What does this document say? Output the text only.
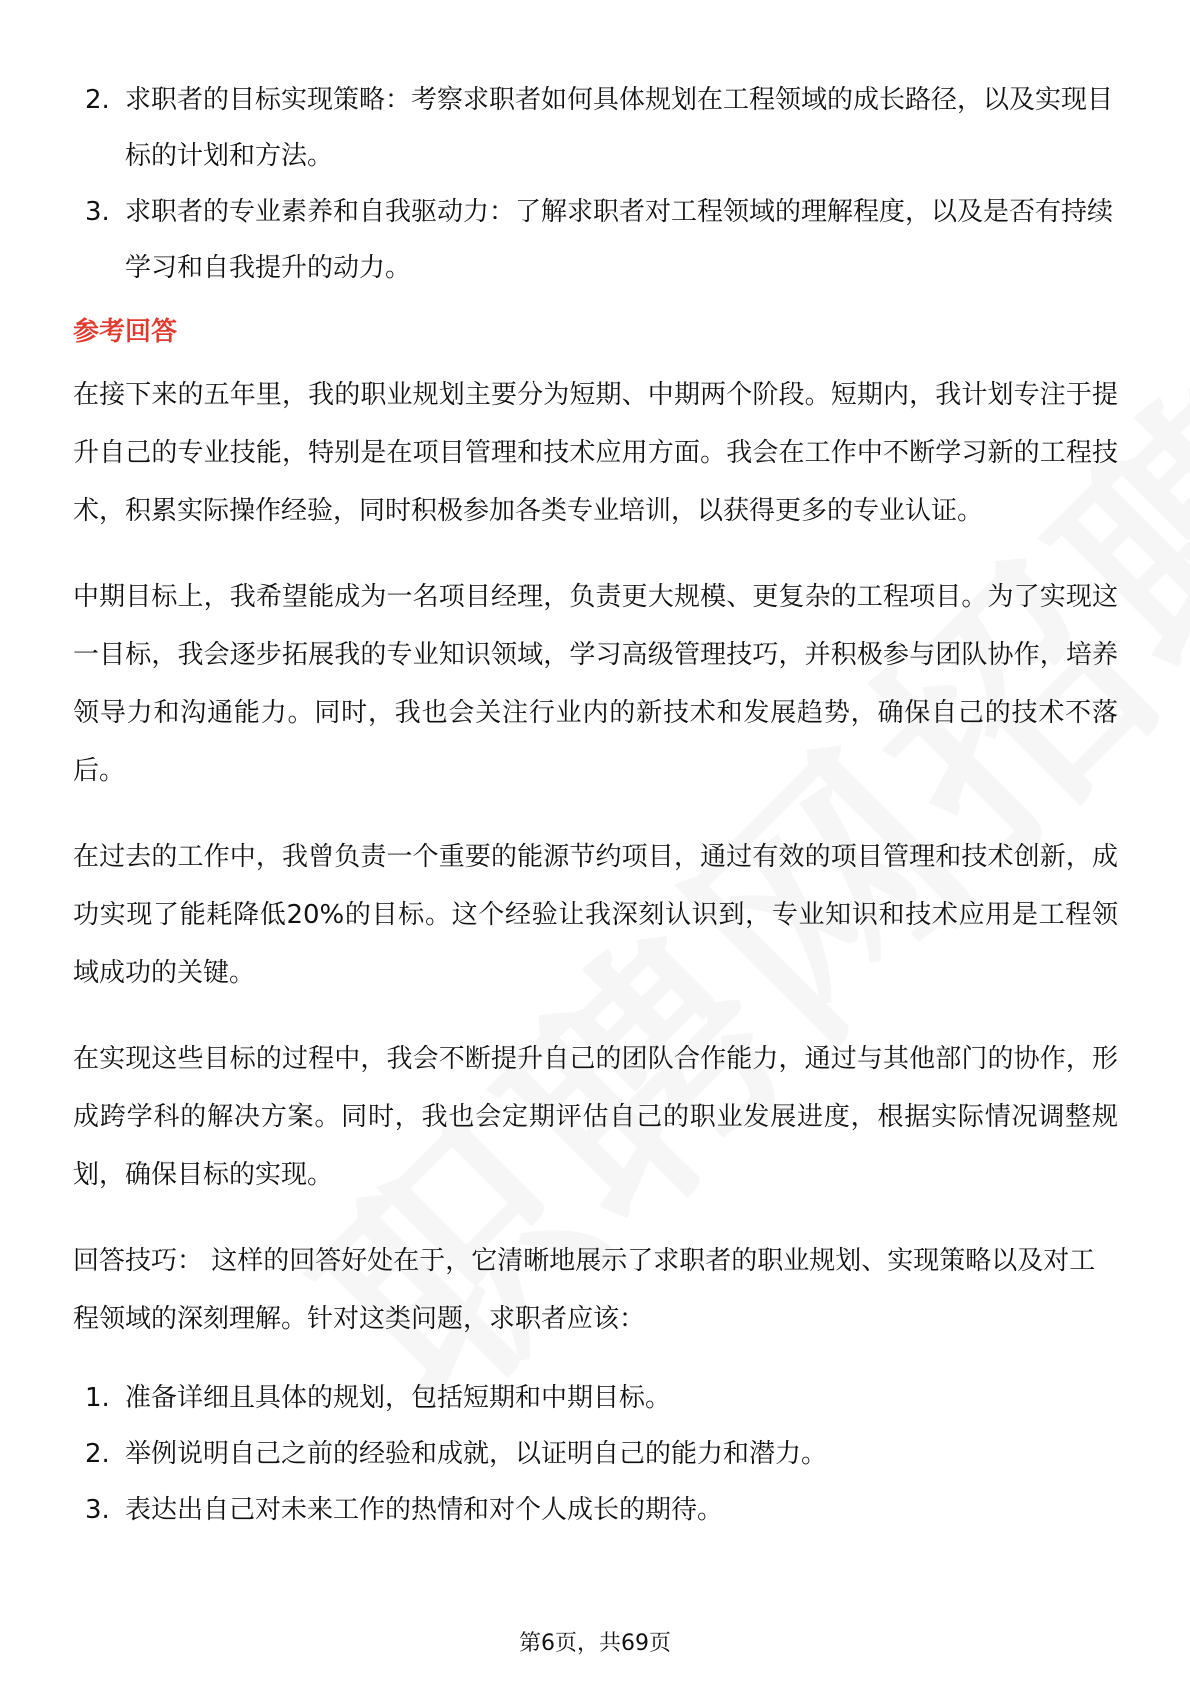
2. 求职者的目标实现策略：考察求职者如何具体规划在工程领域的成长路径，以及实现目标的计划和方法。
3. 求职者的专业素养和自我驱动力：了解求职者对工程领域的理解程度，以及是否有持续学习和自我提升的动力。
参考回答

在接下来的五年里，我的职业规划主要分为短期、中期两个阶段。短期内，我计划专注于提升自己的专业技能，特别是在项目管理和技术应用方面。我会在工作中不断学习新的工程技术，积累实际操作经验，同时积极参加各类专业培训，以获得更多的专业认证。

中期目标上，我希望能成为一名项目经理，负责更大规模、更复杂的工程项目。为了实现这一目标，我会逐步拓展我的专业知识领域，学习高级管理技巧，并积极参与团队协作，培养领导力和沟通能力。同时，我也会关注行业内的新技术和发展趋势，确保自己的技术不落后。

在过去的工作中，我曾负责一个重要的能源节约项目，通过有效的项目管理和技术创新，成功实现了能耗降低20%的目标。这个经验让我深刻认识到，专业知识和技术应用是工程领域成功的关键。

在实现这些目标的过程中，我会不断提升自己的团队合作能力，通过与其他部门的协作，形成跨学科的解决方案。同时，我也会定期评估自己的职业发展进度，根据实际情况调整规划，确保目标的实现。

回答技巧： 这样的回答好处在于，它清晰地展示了求职者的职业规划、实现策略以及对工程领域的深刻理解。针对这类问题，求职者应该：

1. 准备详细且具体的规划，包括短期和中期目标。
2. 举例说明自己之前的经验和成就，以证明自己的能力和潜力。
3. 表达出自己对未来工作的热情和对个人成长的期待。
第6页，共69页
